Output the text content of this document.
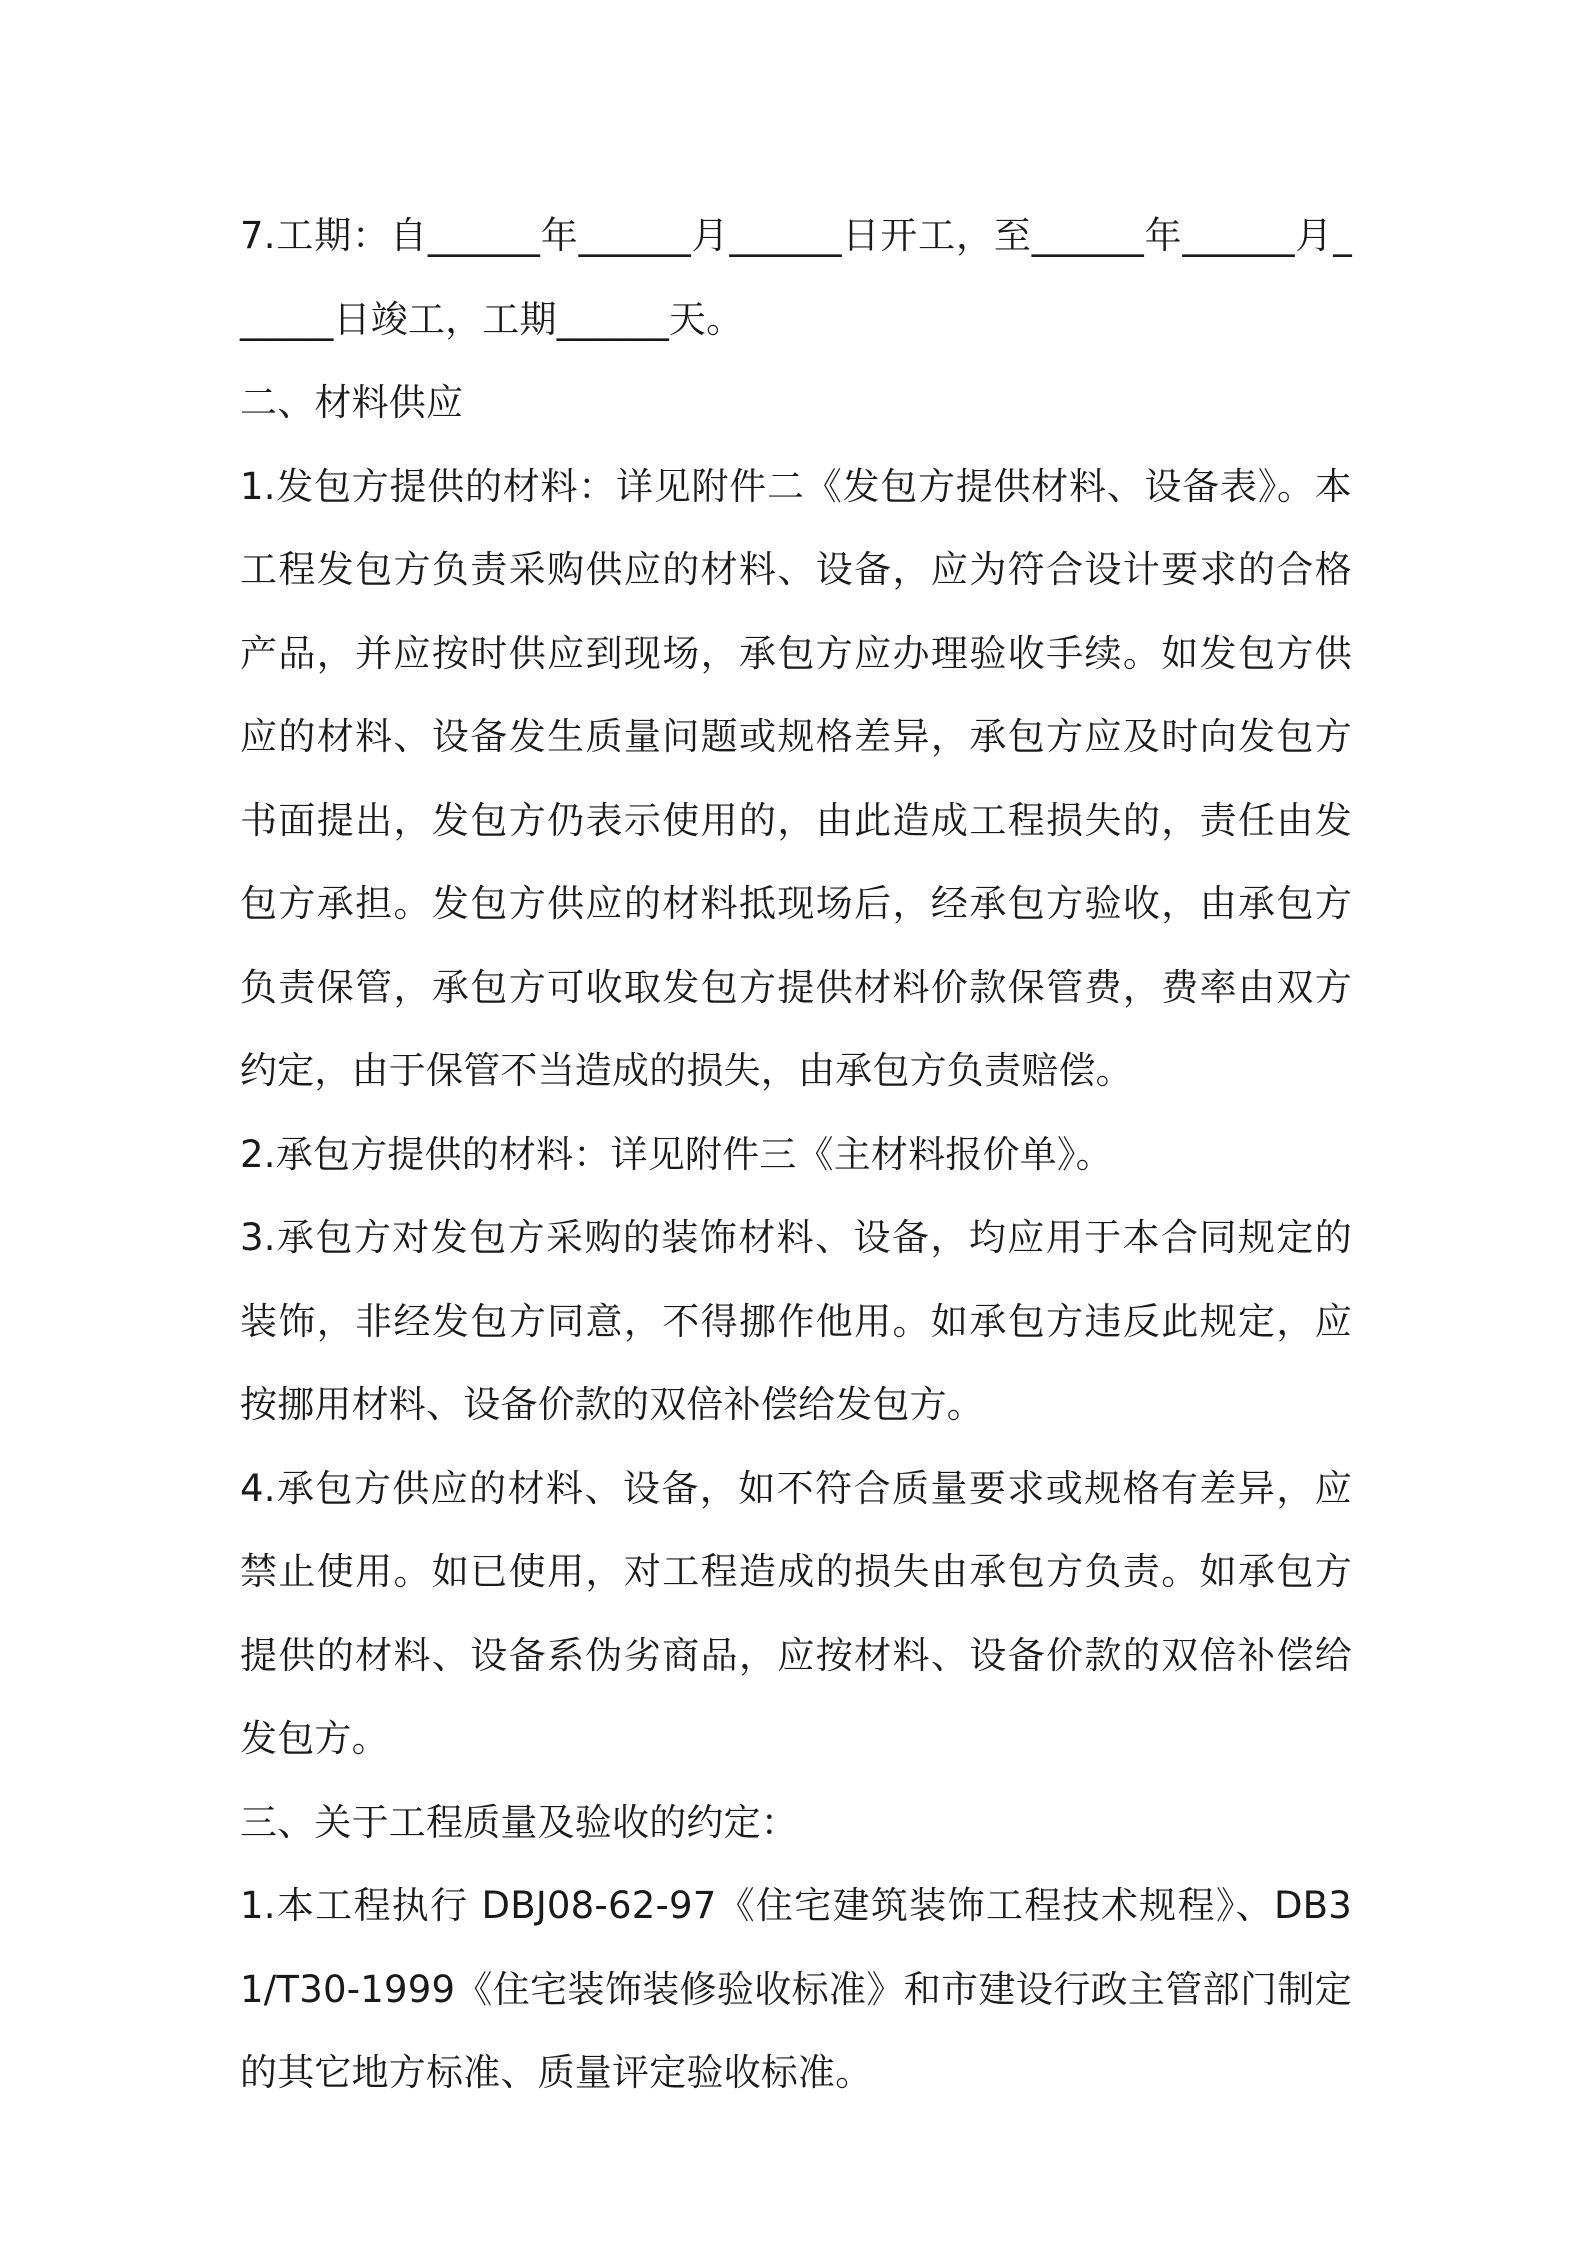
7.工期：自______年______月______日开工，至______年______月______日竣工，工期______天。

二、材料供应

1.发包方提供的材料：详见附件二《发包方提供材料、设备表》。本工程发包方负责采购供应的材料、设备，应为符合设计要求的合格产品，并应按时供应到现场，承包方应办理验收手续。如发包方供应的材料、设备发生质量问题或规格差异，承包方应及时向发包方书面提出，发包方仍表示使用的，由此造成工程损失的，责任由发包方承担。发包方供应的材料抵现场后，经承包方验收，由承包方负责保管，承包方可收取发包方提供材料价款保管费，费率由双方约定，由于保管不当造成的损失，由承包方负责赔偿。

2.承包方提供的材料：详见附件三《主材料报价单》。

3.承包方对发包方采购的装饰材料、设备，均应用于本合同规定的装饰，非经发包方同意，不得挪作他用。如承包方违反此规定，应按挪用材料、设备价款的双倍补偿给发包方。

4.承包方供应的材料、设备，如不符合质量要求或规格有差异，应禁止使用。如已使用，对工程造成的损失由承包方负责。如承包方提供的材料、设备系伪劣商品，应按材料、设备价款的双倍补偿给发包方。

三、关于工程质量及验收的约定：

1.本工程执行 DBJ08-62-97《住宅建筑装饰工程技术规程》、DB31/T30-1999《住宅装饰装修验收标准》和市建设行政主管部门制定的其它地方标准、质量评定验收标准。
